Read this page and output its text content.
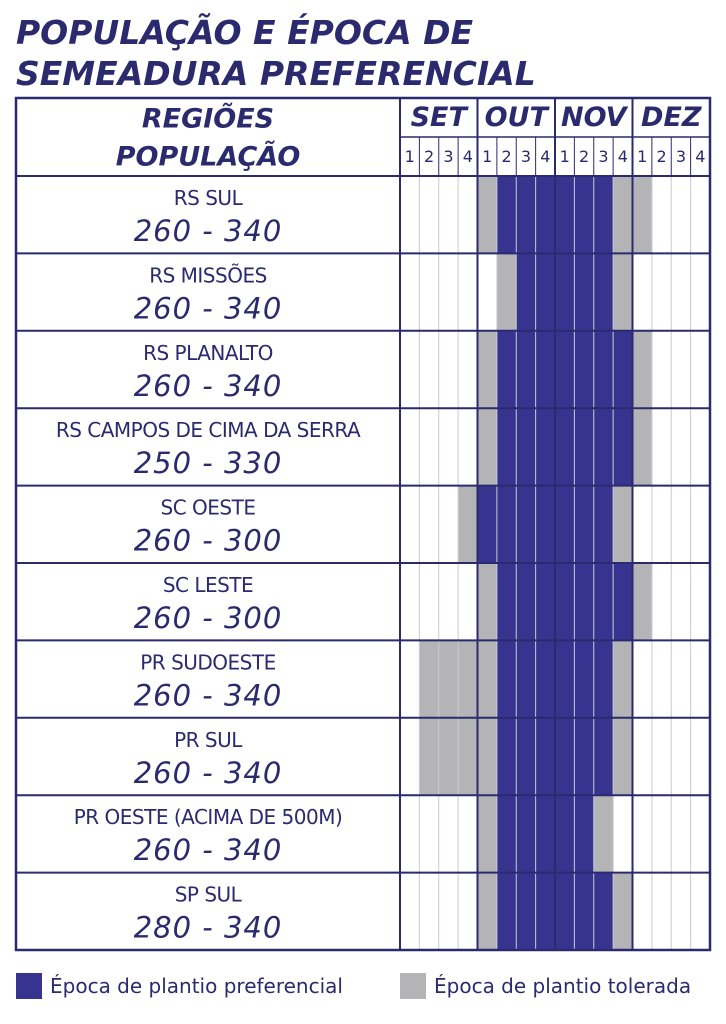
POPULAÇÃO E ÉPOCA DE
SEMEADURA PREFERENCIAL
1 2 3 4 1 2 3 4 1 2 3 4 1 2 3 4
SET OUT NOV DEZ
REGIÕES
POPULAÇÃO
RS SUL
260 - 340
RS MISSÕES
260 - 340
RS PLANALTO
260 - 340
RS CAMPOS DE CIMA DA SERRA
250 - 330
SC OESTE
260 - 300
SC LESTE
260 - 300
PR SUDOESTE
260 - 340
PR SUL
260 - 340
PR OESTE (ACIMA DE 500M)
260 - 340
SP SUL
280 - 340
Época de plantio preferencial	Época de plantio tolerada
